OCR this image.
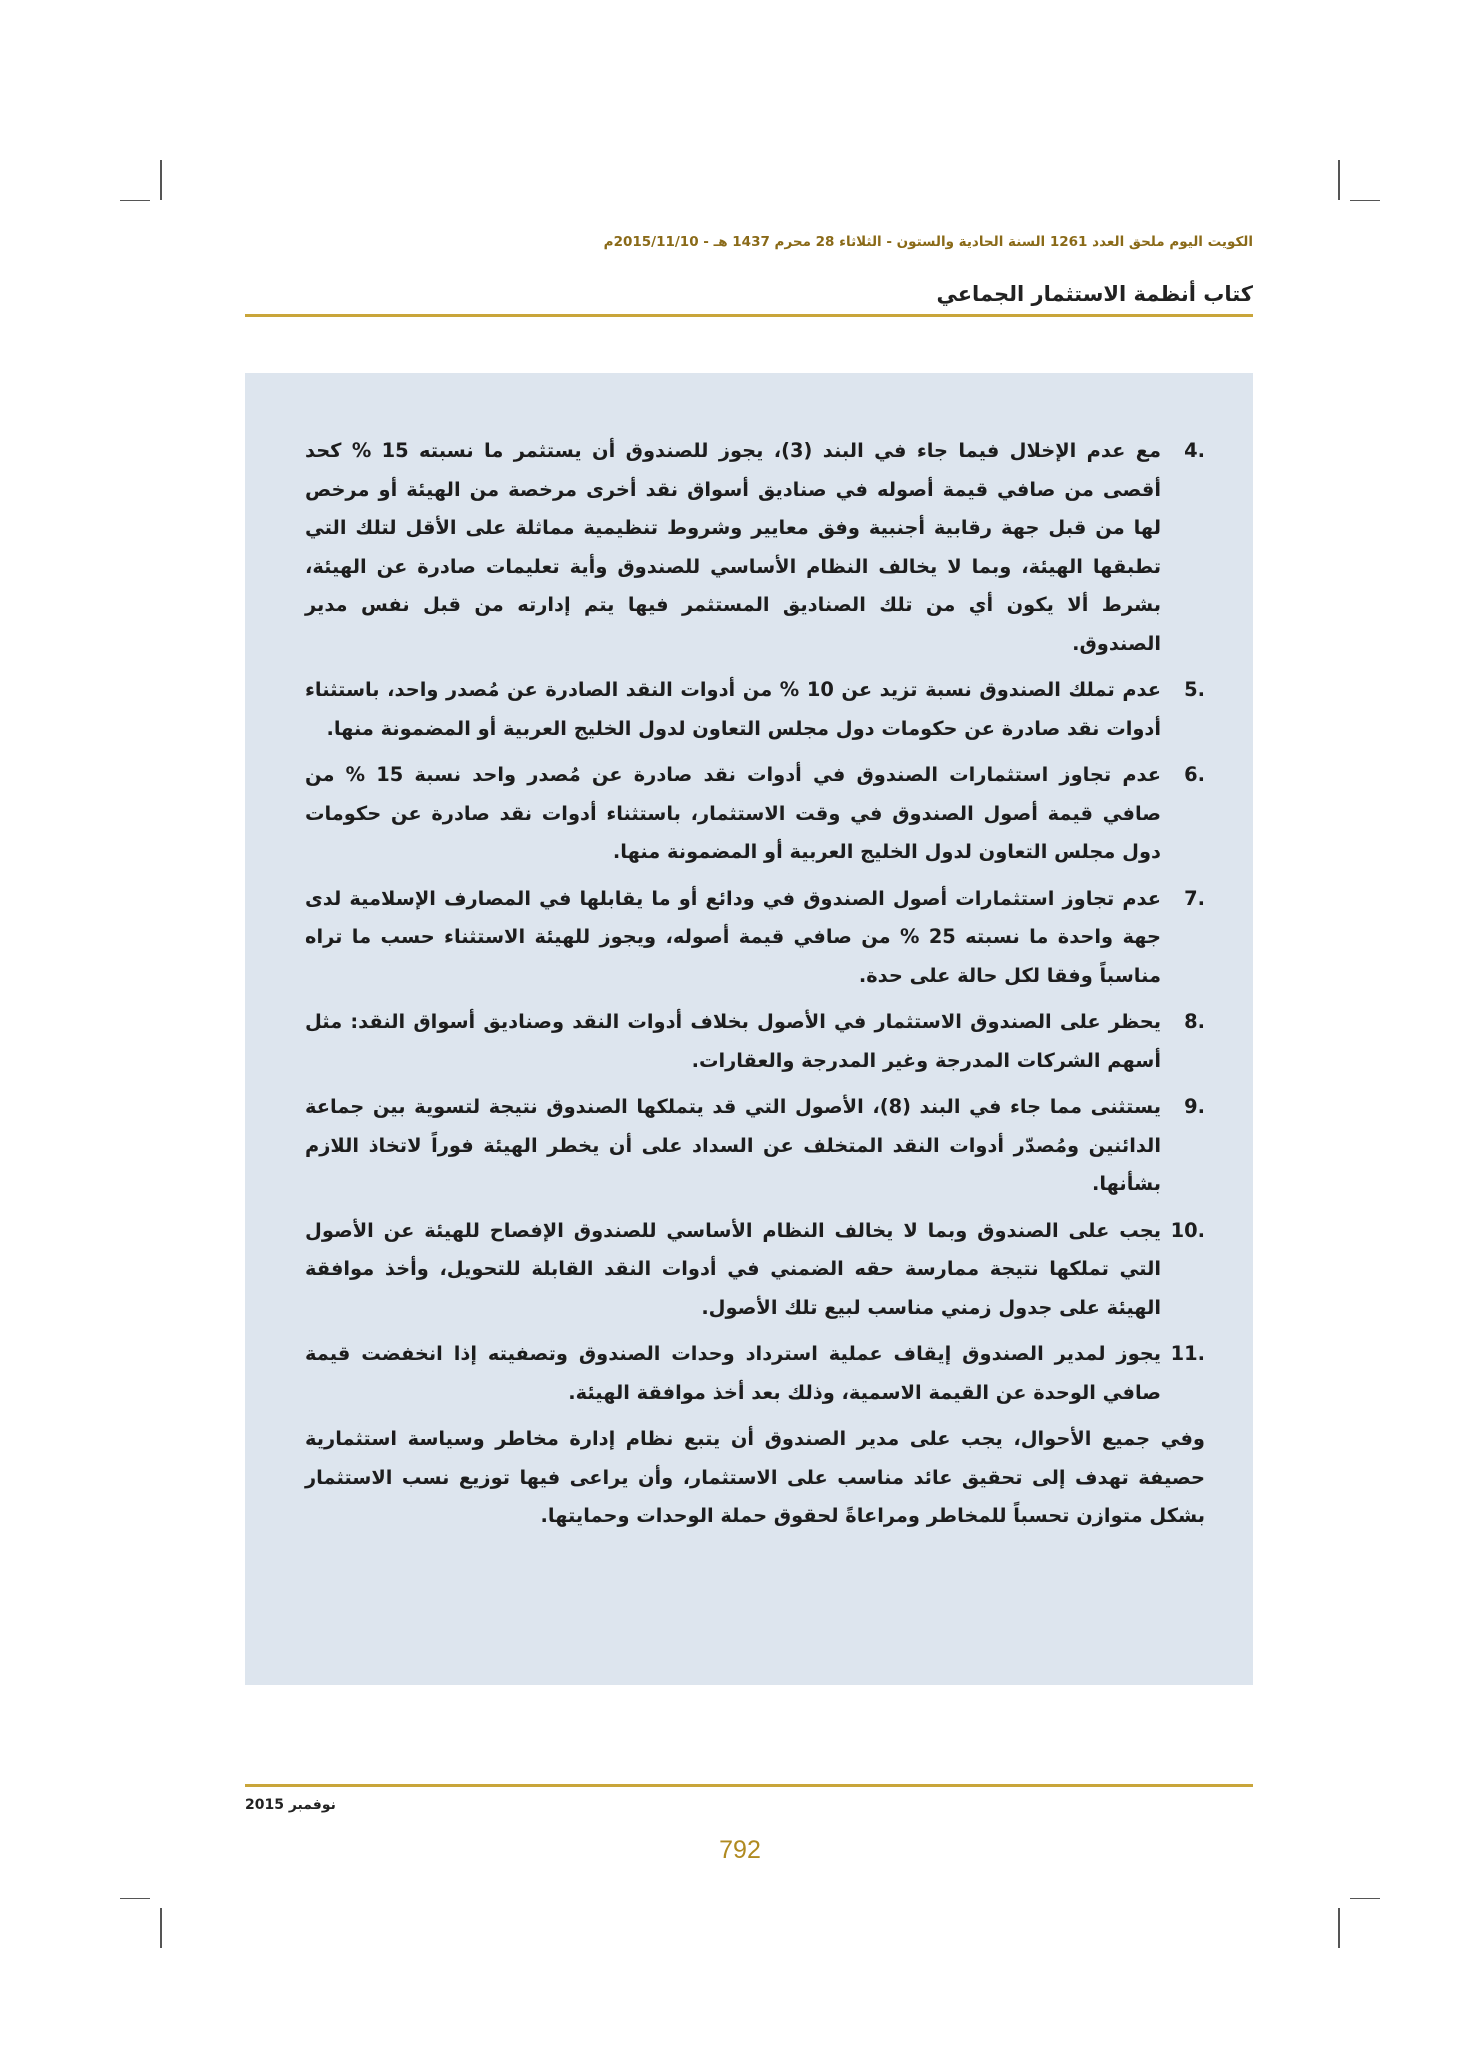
الكويت اليوم ملحق العدد 1261 السنة الحادية والستون - الثلاثاء 28 محرم 1437 هـ - 2015/11/10م
كتاب أنظمة الاستثمار الجماعي
4.
مع عدم الإخلال فيما جاء في البند (3)، يجوز للصندوق أن يستثمر ما نسبته 15 % كحد أقصى من صافي قيمة أصوله في صناديق أسواق نقد أخرى مرخصة من الهيئة أو مرخص لها من قبل جهة رقابية أجنبية وفق معايير وشروط تنظيمية مماثلة على الأقل لتلك التي تطبقها الهيئة، وبما لا يخالف النظام الأساسي للصندوق وأية تعليمات صادرة عن الهيئة، بشرط ألا يكون أي من تلك الصناديق المستثمر فيها يتم إدارته من قبل نفس مدير الصندوق.
5.
عدم تملك الصندوق نسبة تزيد عن 10 % من أدوات النقد الصادرة عن مُصدر واحد، باستثناء أدوات نقد صادرة عن حكومات دول مجلس التعاون لدول الخليج العربية أو المضمونة منها.
6.
عدم تجاوز استثمارات الصندوق في أدوات نقد صادرة عن مُصدر واحد نسبة 15 % من صافي قيمة أصول الصندوق في وقت الاستثمار، باستثناء أدوات نقد صادرة عن حكومات دول مجلس التعاون لدول الخليج العربية أو المضمونة منها.
7.
عدم تجاوز استثمارات أصول الصندوق في ودائع أو ما يقابلها في المصارف الإسلامية لدى جهة واحدة ما نسبته 25 % من صافي قيمة أصوله، ويجوز للهيئة الاستثناء حسب ما تراه مناسباً وفقا لكل حالة على حدة.
8.
يحظر على الصندوق الاستثمار في الأصول بخلاف أدوات النقد وصناديق أسواق النقد: مثل أسهم الشركات المدرجة وغير المدرجة والعقارات.
9.
يستثنى مما جاء في البند (8)، الأصول التي قد يتملكها الصندوق نتيجة لتسوية بين جماعة الدائنين ومُصدّر أدوات النقد المتخلف عن السداد على أن يخطر الهيئة فوراً لاتخاذ اللازم بشأنها.
10.
يجب على الصندوق وبما لا يخالف النظام الأساسي للصندوق الإفصاح للهيئة عن الأصول التي تملكها نتيجة ممارسة حقه الضمني في أدوات النقد القابلة للتحويل، وأخذ موافقة الهيئة على جدول زمني مناسب لبيع تلك الأصول.
11.
يجوز لمدير الصندوق إيقاف عملية استرداد وحدات الصندوق وتصفيته إذا انخفضت قيمة صافي الوحدة عن القيمة الاسمية، وذلك بعد أخذ موافقة الهيئة.
وفي جميع الأحوال، يجب على مدير الصندوق أن يتبع نظام إدارة مخاطر وسياسة استثمارية حصيفة تهدف إلى تحقيق عائد مناسب على الاستثمار، وأن يراعى فيها توزيع نسب الاستثمار بشكل متوازن تحسباً للمخاطر ومراعاةً لحقوق حملة الوحدات وحمايتها.
نوفمبر 2015
792
